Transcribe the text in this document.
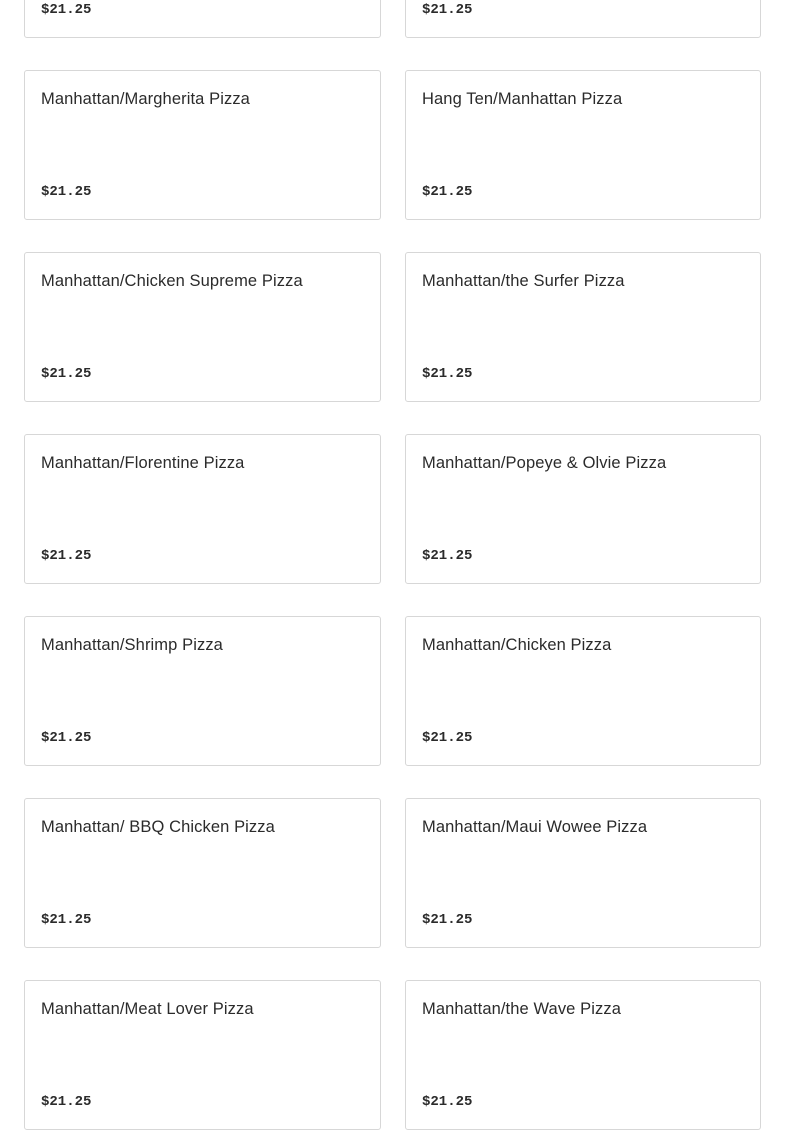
$21.25	$21.25
Manhattan/Margherita Pizza
$21.25
Hang Ten/Manhattan Pizza
$21.25
Manhattan/Chicken Supreme Pizza
$21.25
Manhattan/the Surfer Pizza
$21.25
Manhattan/Florentine Pizza
$21.25
Manhattan/Popeye & Olvie Pizza
$21.25
Manhattan/Shrimp Pizza
$21.25
Manhattan/Chicken Pizza
$21.25
Manhattan/ BBQ Chicken Pizza
$21.25
Manhattan/Maui Wowee Pizza
$21.25
Manhattan/Meat Lover Pizza
$21.25
Manhattan/the Wave Pizza
$21.25
